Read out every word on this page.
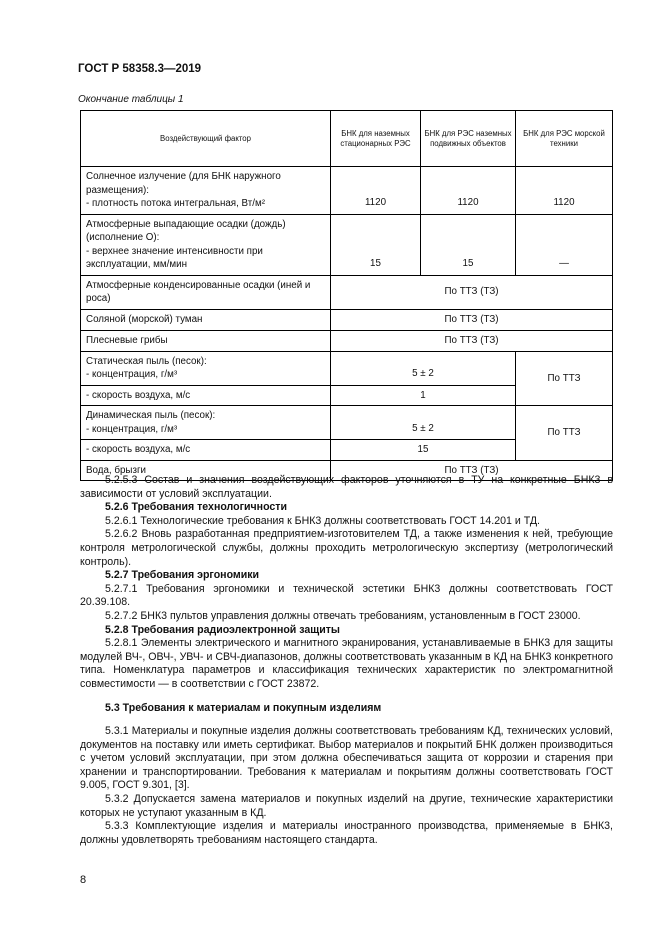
ГОСТ Р 58358.3—2019
Окончание таблицы 1
Воздействующий фактор	БНК для наземных стационарных РЭС	БНК для РЭС наземных подвижных объектов	БНК для РЭС морской техники

Солнечное излучение (для БНК наружного размещения):
- плотность потока интегральная, Вт/м²	1120	1120	1120

Атмосферные выпадающие осадки (дождь) (исполнение О):
- верхнее значение интенсивности при эксплуатации, мм/мин	15	15	—
Атмосферные конденсированные осадки (иней и роса)	По ТТЗ (ТЗ)		
Соляной (морской) туман	По ТТЗ (ТЗ)		
Плесневые грибы	По ТТЗ (ТЗ)		

Статическая пыль (песок):
- концентрация, г/м³	5 ± 2		По ТТЗ
- скорость воздуха, м/с	1		

Динамическая пыль (песок):
- концентрация, г/м³	5 ± 2		По ТТЗ
- скорость воздуха, м/с	15		
Вода, брызги	По ТТЗ (ТЗ)		

5.2.5.3 Состав и значения воздействующих факторов уточняются в ТУ на конкретные БНК3 в зависимости от условий эксплуатации.

5.2.6 Требования технологичности

5.2.6.1 Технологические требования к БНК3 должны соответствовать ГОСТ 14.201 и ТД.

5.2.6.2 Вновь разработанная предприятием-изготовителем ТД, а также изменения к ней, требующие контроля метрологической службы, должны проходить метрологическую экспертизу (метрологический контроль).

5.2.7 Требования эргономики

5.2.7.1 Требования эргономики и технической эстетики БНК3 должны соответствовать ГОСТ 20.39.108.

5.2.7.2 БНК3 пультов управления должны отвечать требованиям, установленным в ГОСТ 23000.

5.2.8 Требования радиоэлектронной защиты

5.2.8.1 Элементы электрического и магнитного экранирования, устанавливаемые в БНК3 для защиты модулей ВЧ-, ОВЧ-, УВЧ- и СВЧ-диапазонов, должны соответствовать указанным в КД на БНК3 конкретного типа. Номенклатура параметров и классификация технических характеристик по электромагнитной совместимости — в соответствии с ГОСТ 23872.

5.3 Требования к материалам и покупным изделиям

5.3.1 Материалы и покупные изделия должны соответствовать требованиям КД, технических условий, документов на поставку или иметь сертификат. Выбор материалов и покрытий БНК должен производиться с учетом условий эксплуатации, при этом должна обеспечиваться защита от коррозии и старения при хранении и транспортировании. Требования к материалам и покрытиям должны соответствовать ГОСТ 9.005, ГОСТ 9.301, [3].

5.3.2 Допускается замена материалов и покупных изделий на другие, технические характеристики которых не уступают указанным в КД.

5.3.3 Комплектующие изделия и материалы иностранного производства, применяемые в БНК3, должны удовлетворять требованиям настоящего стандарта.

8
